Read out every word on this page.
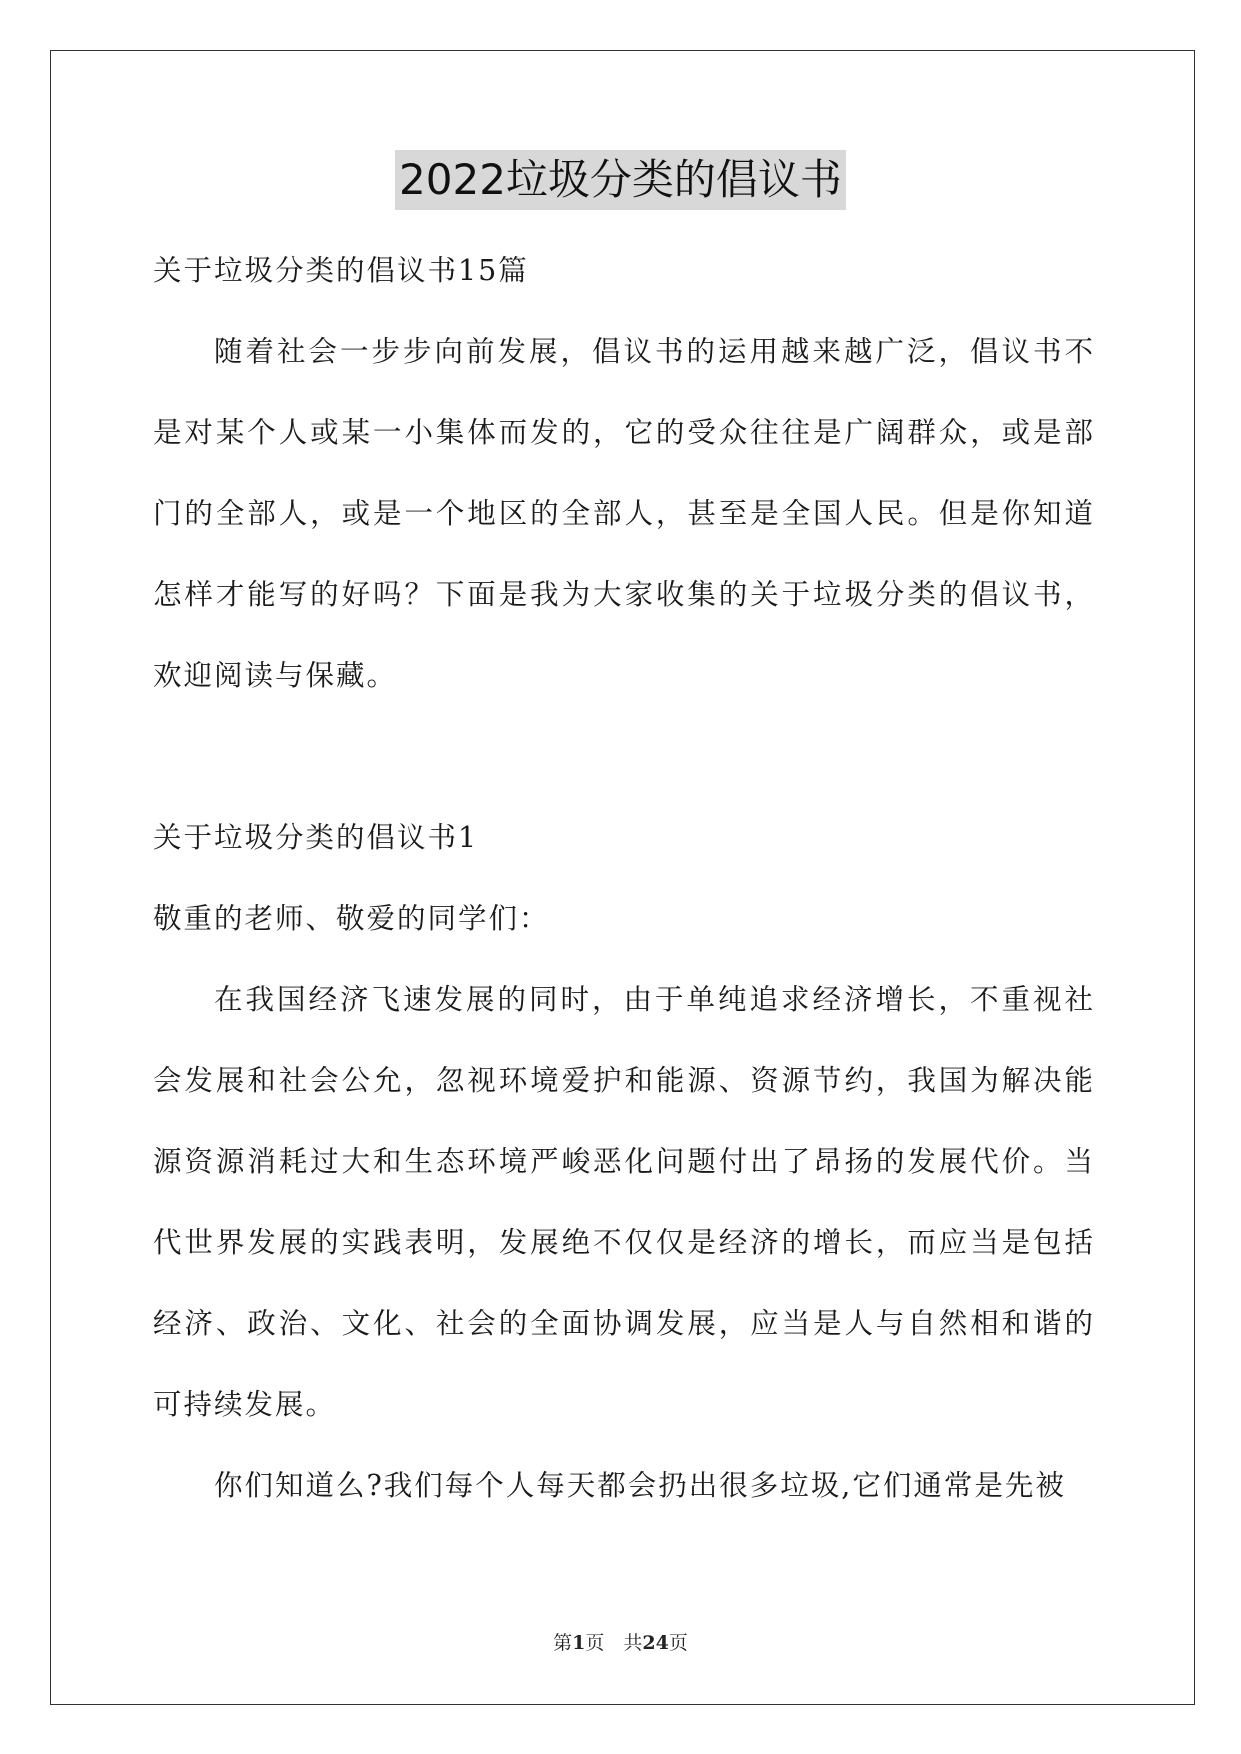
2022垃圾分类的倡议书

关于垃圾分类的倡议书15篇

随着社会一步步向前发展，倡议书的运用越来越广泛，倡议书不是对某个人或某一小集体而发的，它的受众往往是广阔群众，或是部门的全部人，或是一个地区的全部人，甚至是全国人民。但是你知道怎样才能写的好吗？下面是我为大家收集的关于垃圾分类的倡议书，欢迎阅读与保藏。

关于垃圾分类的倡议书1

敬重的老师、敬爱的同学们：

在我国经济飞速发展的同时，由于单纯追求经济增长，不重视社会发展和社会公允，忽视环境爱护和能源、资源节约，我国为解决能源资源消耗过大和生态环境严峻恶化问题付出了昂扬的发展代价。当代世界发展的实践表明，发展绝不仅仅是经济的增长，而应当是包括经济、政治、文化、社会的全面协调发展，应当是人与自然相和谐的可持续发展。

你们知道么?我们每个人每天都会扔出很多垃圾,它们通常是先被

第1页　共24页
